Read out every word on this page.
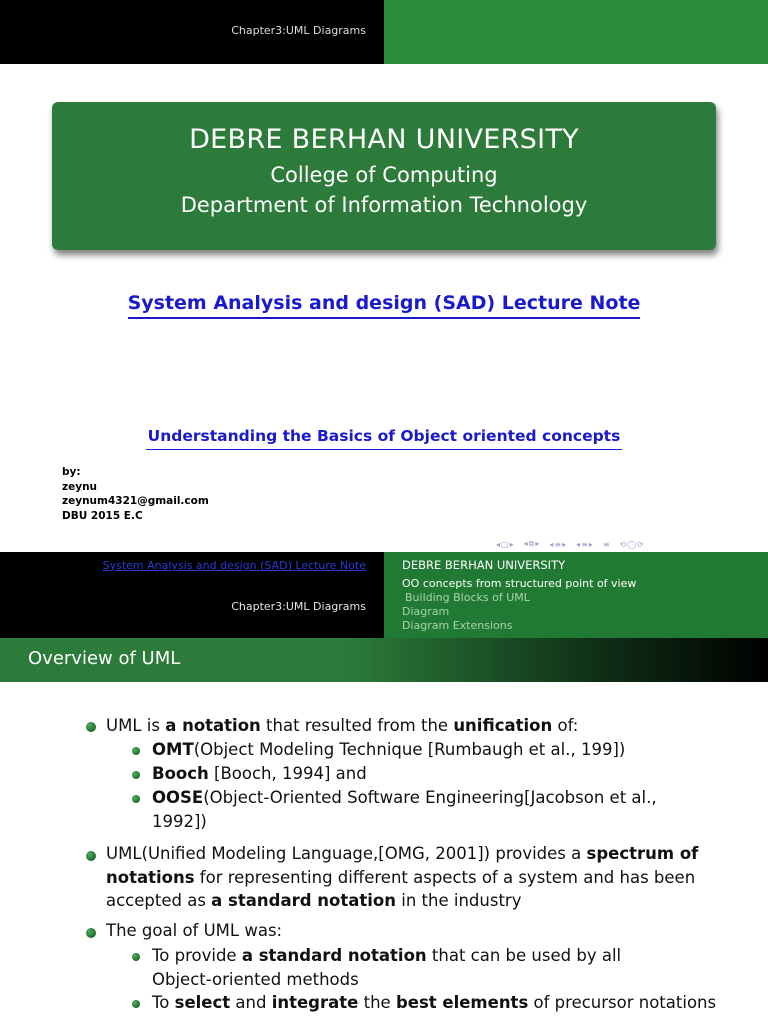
Chapter3:UML Diagrams
DEBRE BERHAN UNIVERSITY
College of Computing
Department of Information Technology
System Analysis and design (SAD) Lecture Note
Understanding the Basics of Object oriented concepts
by:
zeynu
zeynum4321@gmail.com
DBU 2015 E.C
◂□▸ ◂⧉▸ ◂≡▸ ◂≡▸ ≡ ⟲◯⟳
System Analysis and design (SAD) Lecture Note
Chapter3:UML Diagrams
DEBRE BERHAN UNIVERSITY
OO concepts from structured point of view
Building Blocks of UML
Diagram
Diagram Extensions
Overview of UML
UML is a notation that resulted from the unification of:
OMT(Object Modeling Technique [Rumbaugh et al., 199])
Booch [Booch, 1994] and
OOSE(Object-Oriented Software Engineering[Jacobson et al.,
1992])
UML(Unified Modeling Language,[OMG, 2001]) provides a spectrum of
notations for representing different aspects of a system and has been
accepted as a standard notation in the industry
The goal of UML was:
To provide a standard notation that can be used by all
Object-oriented methods
To select and integrate the best elements of precursor notations
